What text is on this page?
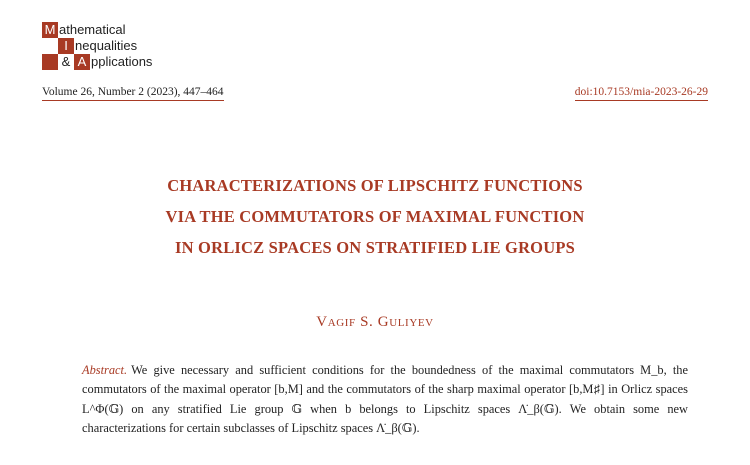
M athematical
I nequalities
& A pplications
Volume 26, Number 2 (2023), 447–464	doi:10.7153/mia-2023-26-29
CHARACTERIZATIONS OF LIPSCHITZ FUNCTIONS
VIA THE COMMUTATORS OF MAXIMAL FUNCTION
IN ORLICZ SPACES ON STRATIFIED LIE GROUPS
Vagif S. Guliyev
Abstract. We give necessary and sufficient conditions for the boundedness of the maximal commutators M_b, the commutators of the maximal operator [b,M] and the commutators of the sharp maximal operator [b,M♯] in Orlicz spaces L^Φ(𝔾) on any stratified Lie group 𝔾 when b belongs to Lipschitz spaces Λ̇_β(𝔾). We obtain some new characterizations for certain subclasses of Lipschitz spaces Λ̇_β(𝔾).
